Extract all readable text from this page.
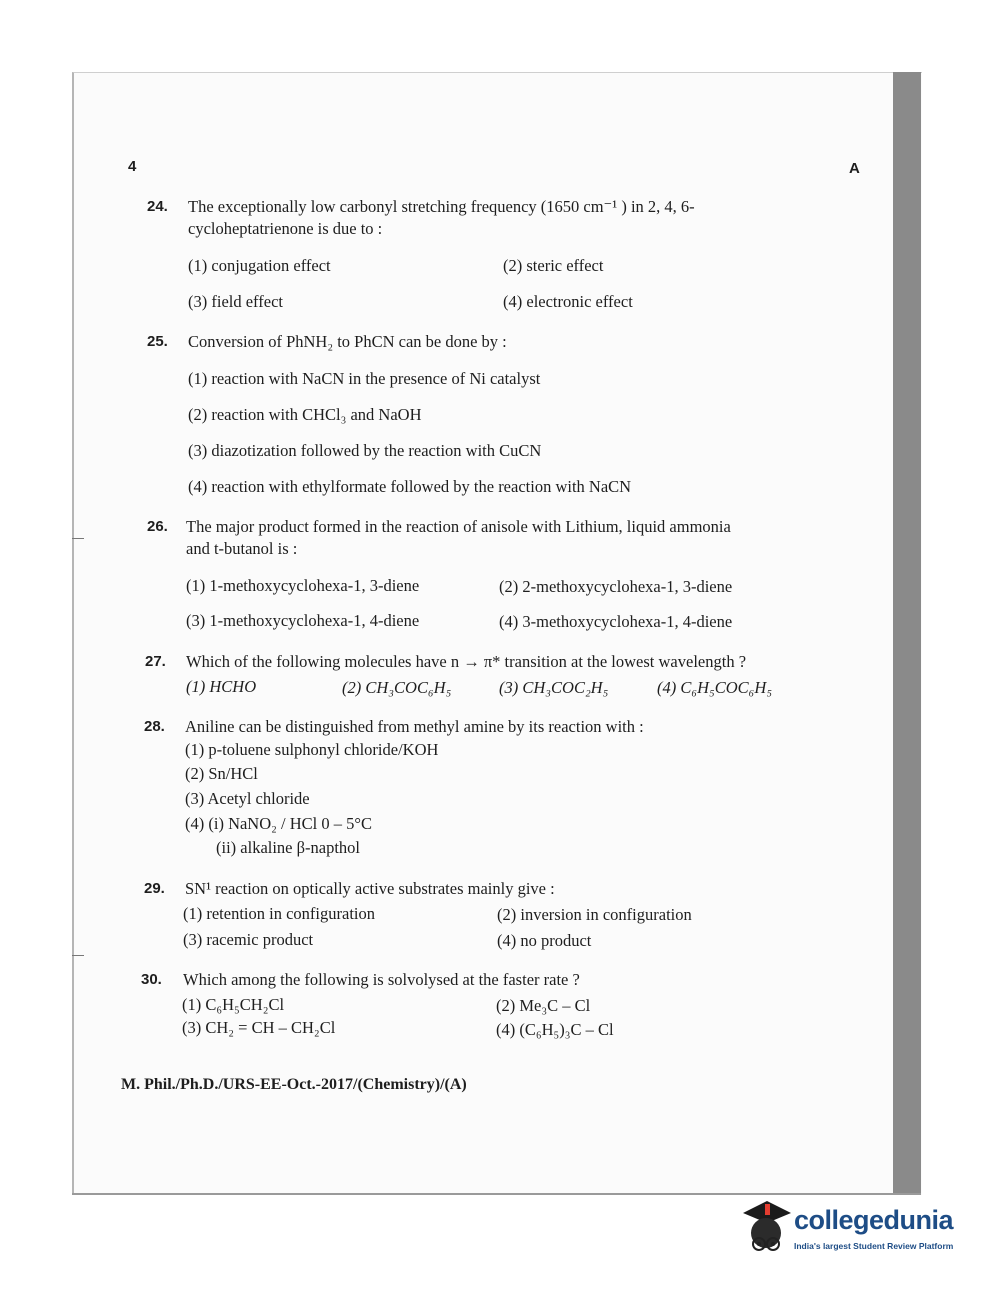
4	A
24. The exceptionally low carbonyl stretching frequency (1650 cm⁻¹ ) in 2, 4, 6-
cycloheptatrienone is due to :
(1) conjugation effect	(2) steric effect
(3) field effect	(4) electronic effect
25. Conversion of PhNH₂ to PhCN can be done by :
(1) reaction with NaCN in the presence of Ni catalyst
(2) reaction with CHCl₃ and NaOH
(3) diazotization followed by the reaction with CuCN
(4) reaction with ethylformate followed by the reaction with NaCN
26. The major product formed in the reaction of anisole with Lithium, liquid ammonia
and t-butanol is :
(1) 1-methoxycyclohexa-1, 3-diene	(2) 2-methoxycyclohexa-1, 3-diene
(3) 1-methoxycyclohexa-1, 4-diene	(4) 3-methoxycyclohexa-1, 4-diene
27. Which of the following molecules have n → π* transition at the lowest wavelength ?
(1) HCHO	(2) CH₃COC₆H₅	(3) CH₃COC₂H₅	(4) C₆H₅COC₆H₅
28. Aniline can be distinguished from methyl amine by its reaction with :
(1) p-toluene sulphonyl chloride/KOH
(2) Sn/HCl
(3) Acetyl chloride
(4) (i) NaNO₂ / HCl 0 – 5°C
(ii) alkaline β-napthol
29. SN¹ reaction on optically active substrates mainly give :
(1) retention in configuration	(2) inversion in configuration
(3) racemic product	(4) no product
30. Which among the following is solvolysed at the faster rate ?
(1) C₆H₅CH₂Cl	(2) Me₃C – Cl
(3) CH₂ = CH – CH₂Cl	(4) (C₆H₅)₃C – Cl
M. Phil./Ph.D./URS-EE-Oct.-2017/(Chemistry)/(A)
collegedunia
India's largest Student Review Platform
